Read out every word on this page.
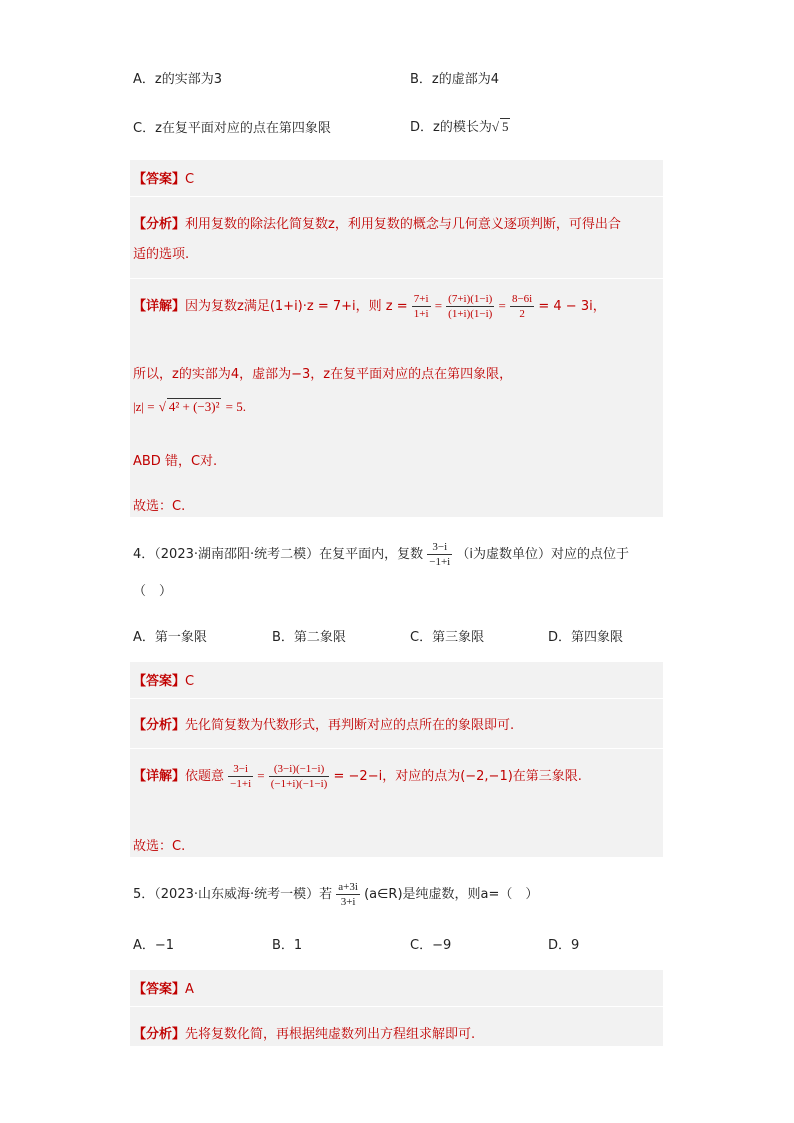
A．z的实部为3	B．z的虚部为4
C．z在复平面对应的点在第四象限	D．z的模长为√ 5
【答案】C
【分析】利用复数的除法化简复数z，利用复数的概念与几何意义逐项判断，可得出合
适的选项.
【详解】因为复数z满足(1+i)·z = 7+i，则 $z = \frac{7+i}{1+i} = \frac{(7+i)(1-i)}{(1+i)(1-i)} = \frac{8-6i}{2} = 4 - 3i$，
所以，z的实部为4，虚部为−3，z在复平面对应的点在第四象限，
|z| = √ 4² + (−3)² = 5.
ABD 错，C对.
故选：C.
4．（2023·湖南邵阳·统考二模）在复平面内，复数 $\frac{3-i}{-1+i} (i$为虚数单位）对应的点位于
（　）
A．第一象限	B．第二象限	C．第三象限	D．第四象限
【答案】C
【分析】先化简复数为代数形式，再判断对应的点所在的象限即可.
【详解】依题意 $\frac{3-i}{-1+i} = \frac{(3-i)(-1-i)}{(-1+i)(-1-i)} = -2-i$，对应的点为(−2,−1)在第三象限.
故选：C.
5．（2023·山东威海·统考一模）若 $\frac{a+3i}{3+i}$ (a∈R)是纯虚数，则a=（　）
A．−1	B．1	C．−9	D．9
【答案】A
【分析】先将复数化简，再根据纯虚数列出方程组求解即可.
